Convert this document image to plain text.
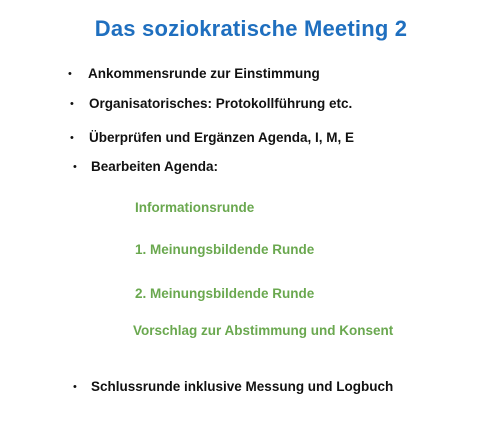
Das soziokratische Meeting 2
• Ankommensrunde zur Einstimmung
• Organisatorisches: Protokollführung etc.
• Überprüfen und Ergänzen Agenda, I, M, E
• Bearbeiten Agenda:
Informationsrunde
1. Meinungsbildende Runde
2. Meinungsbildende Runde
Vorschlag zur Abstimmung und Konsent
• Schlussrunde inklusive Messung und Logbuch
